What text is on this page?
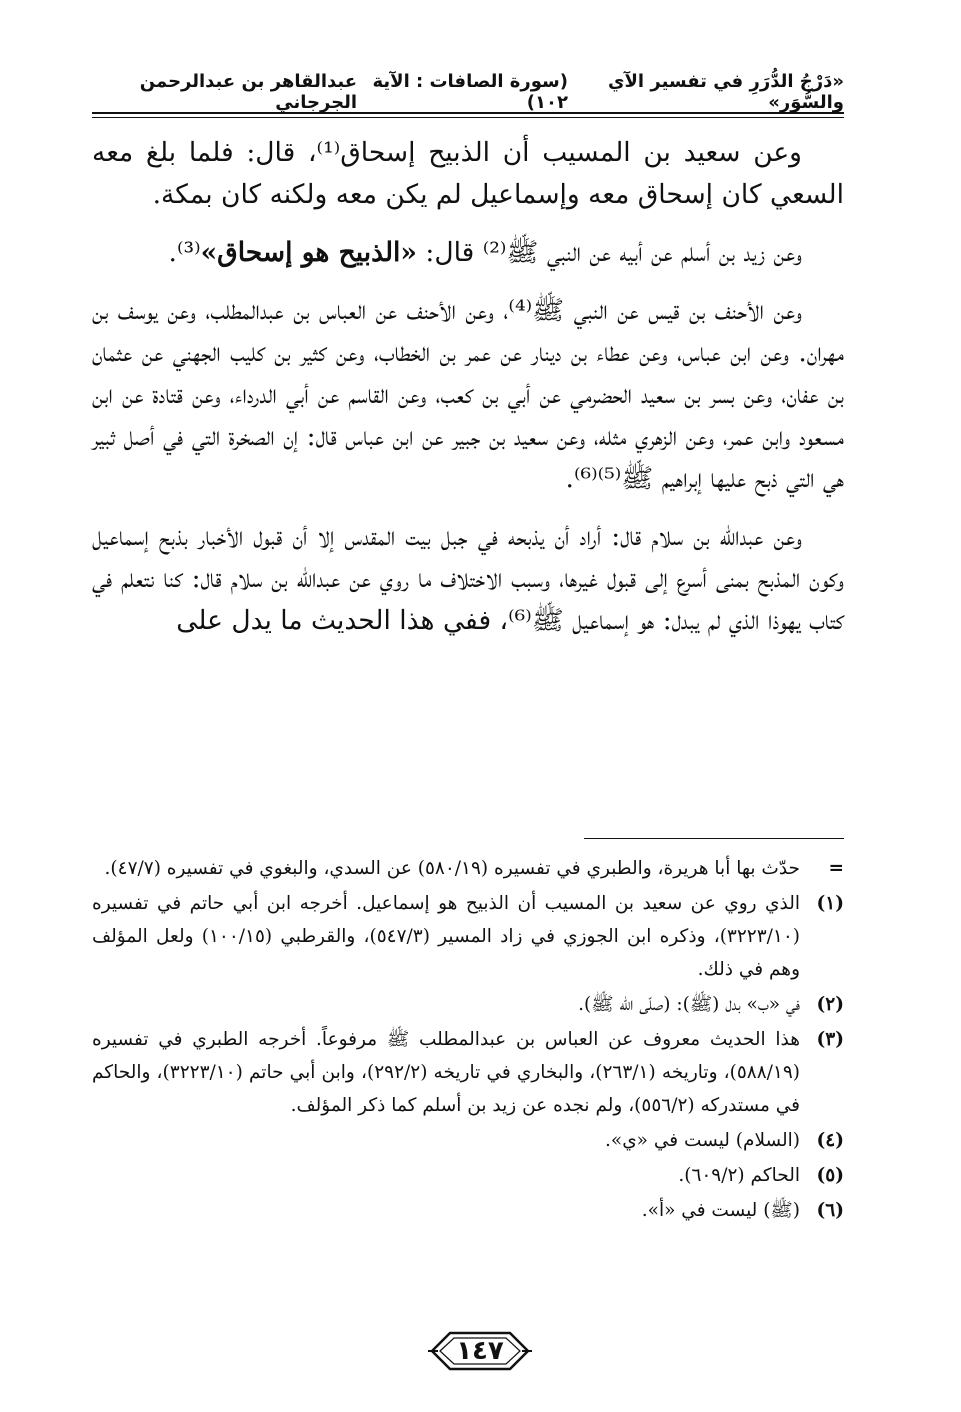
«دَرْجُ الدُّرَرِ في تفسير الآي والسُّوَر»
(سورة الصافات : الآية ١٠٢)
عبدالقاهر بن عبدالرحمن الجرجاني

وعن سعيد بن المسيب أن الذبيح إسحاق⁽¹⁾، قال: فلما بلغ معه السعي كان إسحاق معه وإسماعيل لم يكن معه ولكنه كان بمكة.

وعن زيد بن أسلم عن أبيه عن النبي ﷺ⁽²⁾ قال: «الذبيح هو إسحاق»⁽³⁾.

وعن الأحنف بن قيس عن النبي ﷺ⁽⁴⁾، وعن الأحنف عن العباس بن عبدالمطلب، وعن يوسف بن مهران. وعن ابن عباس، وعن عطاء بن دينار عن عمر بن الخطاب، وعن كثير بن كليب الجهني عن عثمان بن عفان، وعن بسر بن سعيد الحضرمي عن أبي بن كعب، وعن القاسم عن أبي الدرداء، وعن قتادة عن ابن مسعود وابن عمر، وعن الزهري مثله، وعن سعيد بن جبير عن ابن عباس قال: إن الصخرة التي في أصل ثبير هي التي ذبح عليها إبراهيم ﷺ⁽⁵⁾⁽⁶⁾.

وعن عبدالله بن سلام قال: أراد أن يذبحه في جبل بيت المقدس إلا أن قبول الأخبار بذبح إسماعيل وكون المذبح بمنى أسرع إلى قبول غيرها، وسبب الاختلاف ما روي عن عبدالله بن سلام قال: كنا نتعلم في كتاب يهوذا الذي لم يبدل: هو إسماعيل ﷺ⁽⁶⁾، ففي هذا الحديث ما يدل على

=
حدّث بها أبا هريرة، والطبري في تفسيره (٥٨٠/١٩) عن السدي، والبغوي في تفسيره (٤٧/٧).
(١)
الذي روي عن سعيد بن المسيب أن الذبيح هو إسماعيل. أخرجه ابن أبي حاتم في تفسيره (٣٢٢٣/١٠)، وذكره ابن الجوزي في زاد المسير (٥٤٧/٣)، والقرطبي (١٠٠/١٥) ولعل المؤلف وهم في ذلك.
(٢)
في «ب» بدل (ﷺ): (صلّى الله ﷺ).
(٣)
هذا الحديث معروف عن العباس بن عبدالمطلب ﷺ مرفوعاً. أخرجه الطبري في تفسيره (٥٨٨/١٩)، وتاريخه (٢٦٣/١)، والبخاري في تاريخه (٢٩٢/٢)، وابن أبي حاتم (٣٢٢٣/١٠)، والحاكم في مستدركه (٥٥٦/٢)، ولم نجده عن زيد بن أسلم كما ذكر المؤلف.
(٤)
(السلام) ليست في «ي».
(٥)
الحاكم (٦٠٩/٢).
(٦)
(ﷺ) ليست في «أ».
١٤٧
